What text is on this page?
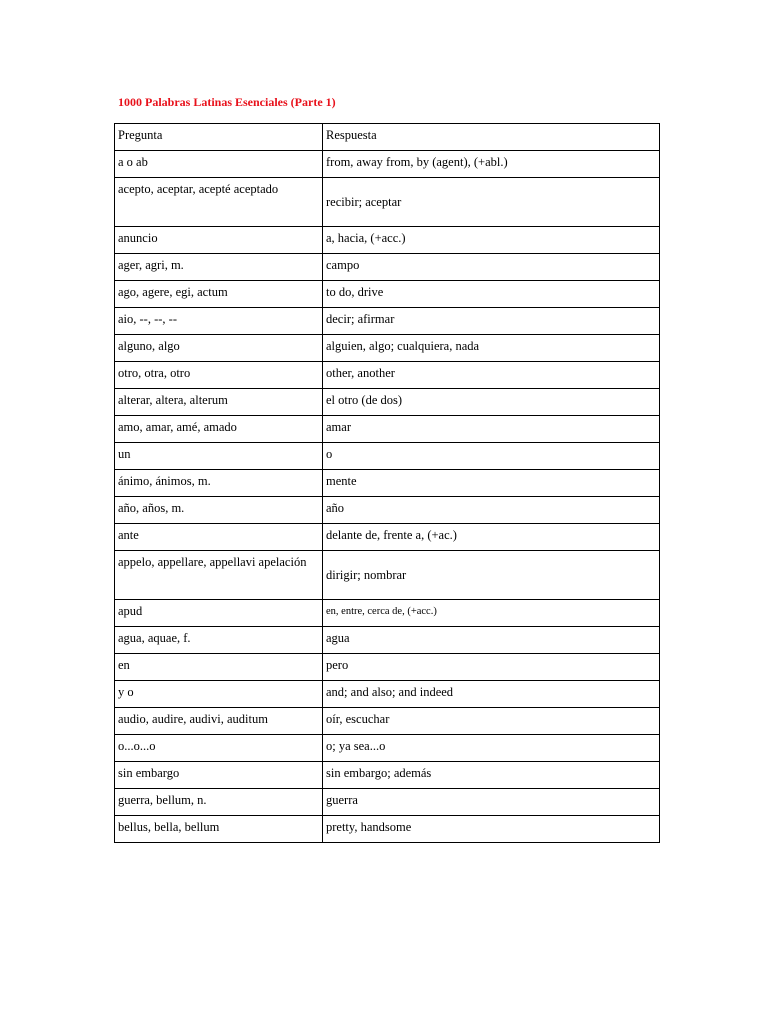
1000 Palabras Latinas Esenciales (Parte 1)
Pregunta	Respuesta
a o ab	from, away from, by (agent), (+abl.)
acepto, aceptar, acepté aceptado	recibir; aceptar
anuncio	a, hacia, (+acc.)
ager, agri, m.	campo
ago, agere, egi, actum	to do, drive
aio, --, --, --	decir; afirmar
alguno, algo	alguien, algo; cualquiera, nada
otro, otra, otro	other, another
alterar, altera, alterum	el otro (de dos)
amo, amar, amé, amado	amar
un	o
ánimo, ánimos, m.	mente
año, años, m.	año
ante	delante de, frente a, (+ac.)
appelo, appellare, appellavi apelación	dirigir; nombrar
apud	en, entre, cerca de, (+acc.)
agua, aquae, f.	agua
en	pero
y o	and; and also; and indeed
audio, audire, audivi, auditum	oír, escuchar
o...o...o	o; ya sea...o
sin embargo	sin embargo; además
guerra, bellum, n.	guerra
bellus, bella, bellum	pretty, handsome
